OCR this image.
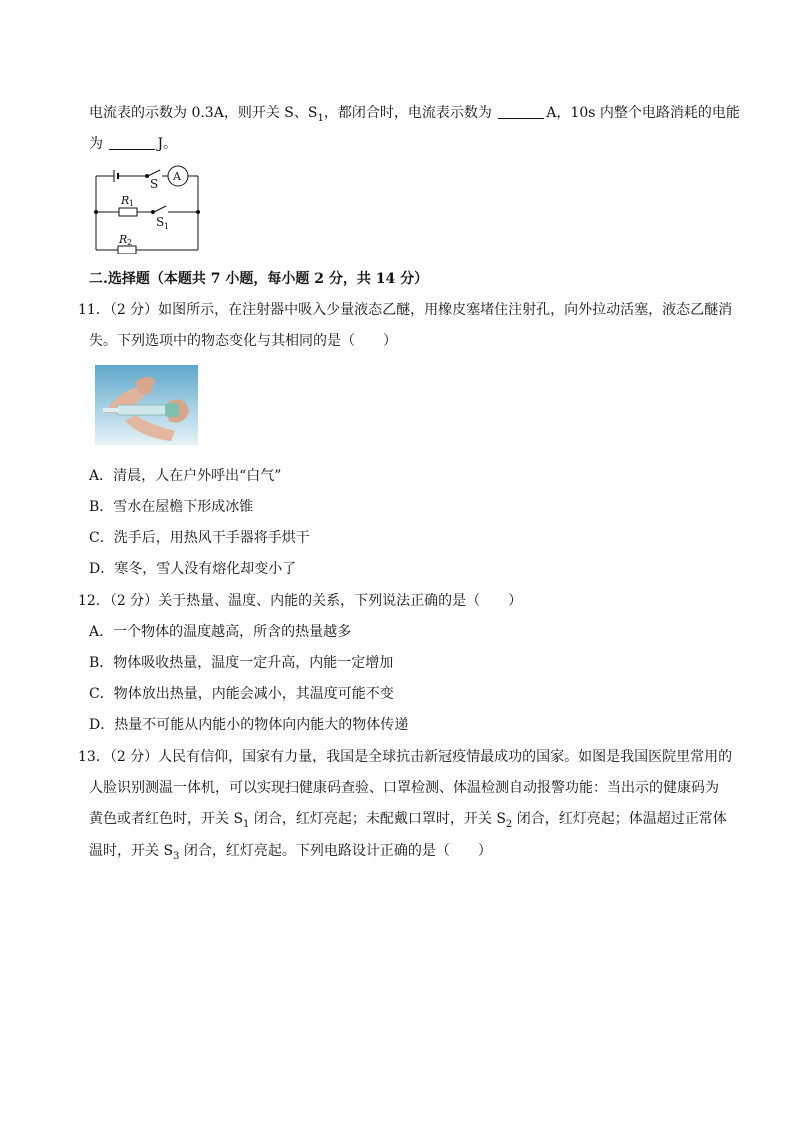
电流表的示数为 0.3A，则开关 S、$S_1$，都闭合时，电流表示数为	A，10s 内整个电路消耗的电能
为	J。
S
A
R 1
S 1
R 2
二.选择题（本题共 7 小题，每小题 2 分，共 14 分）
11．（2 分）如图所示，在注射器中吸入少量液态乙醚，用橡皮塞堵住注射孔，向外拉动活塞，液态乙醚消
失。下列选项中的物态变化与其相同的是（　　）
A．清晨，人在户外呼出“白气”
B．雪水在屋檐下形成冰锥
C．洗手后，用热风干手器将手烘干
D．寒冬，雪人没有熔化却变小了
12．（2 分）关于热量、温度、内能的关系，下列说法正确的是（　　）
A．一个物体的温度越高，所含的热量越多
B．物体吸收热量，温度一定升高，内能一定增加
C．物体放出热量，内能会减小，其温度可能不变
D．热量不可能从内能小的物体向内能大的物体传递
13．（2 分）人民有信仰，国家有力量，我国是全球抗击新冠疫情最成功的国家。如图是我国医院里常用的
人脸识别测温一体机，可以实现扫健康码查验、口罩检测、体温检测自动报警功能：当出示的健康码为
黄色或者红色时，开关 $S_1$ 闭合，红灯亮起；未配戴口罩时，开关 $S_2$ 闭合，红灯亮起；体温超过正常体
温时，开关 $S_3$ 闭合，红灯亮起。下列电路设计正确的是（　　）
